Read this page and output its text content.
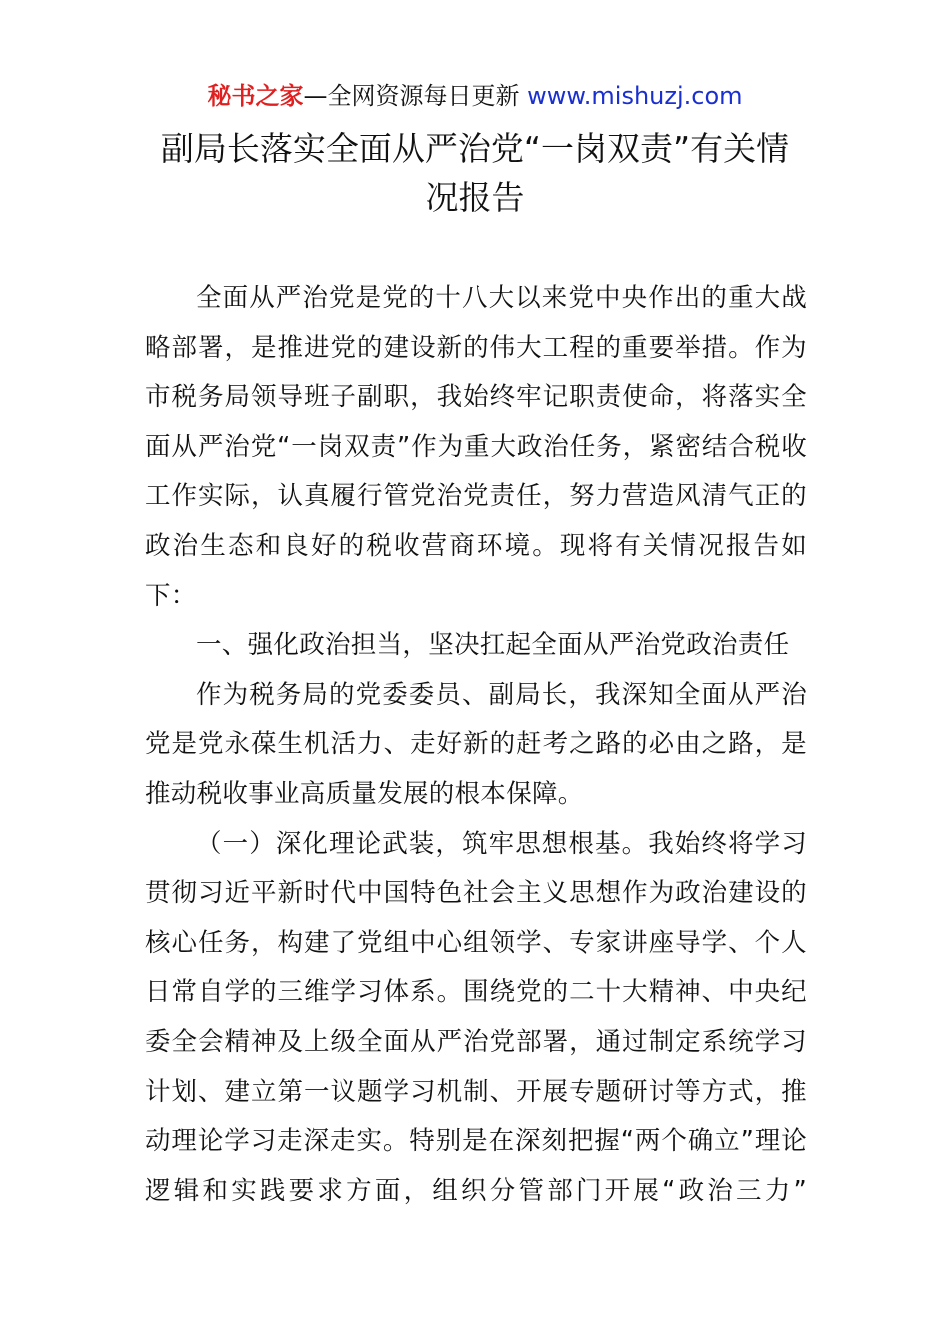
秘书之家—全网资源每日更新 www.mishuzj.com
副局长落实全面从严治党“一岗双责”有关情况报告

全面从严治党是党的十八大以来党中央作出的重大战略部署，是推进党的建设新的伟大工程的重要举措。作为市税务局领导班子副职，我始终牢记职责使命，将落实全面从严治党“一岗双责”作为重大政治任务，紧密结合税收工作实际，认真履行管党治党责任，努力营造风清气正的政治生态和良好的税收营商环境。现将有关情况报告如下：

一、强化政治担当，坚决扛起全面从严治党政治责任

作为税务局的党委委员、副局长，我深知全面从严治党是党永葆生机活力、走好新的赶考之路的必由之路，是推动税收事业高质量发展的根本保障。

（一）深化理论武装，筑牢思想根基。我始终将学习贯彻习近平新时代中国特色社会主义思想作为政治建设的核心任务，构建了党组中心组领学、专家讲座导学、个人日常自学的三维学习体系。围绕党的二十大精神、中央纪委全会精神及上级全面从严治党部署，通过制定系统学习计划、建立第一议题学习机制、开展专题研讨等方式，推动理论学习走深走实。特别是在深刻把握“两个确立”理论逻辑和实践要求方面，组织分管部门开展“政治三力”
